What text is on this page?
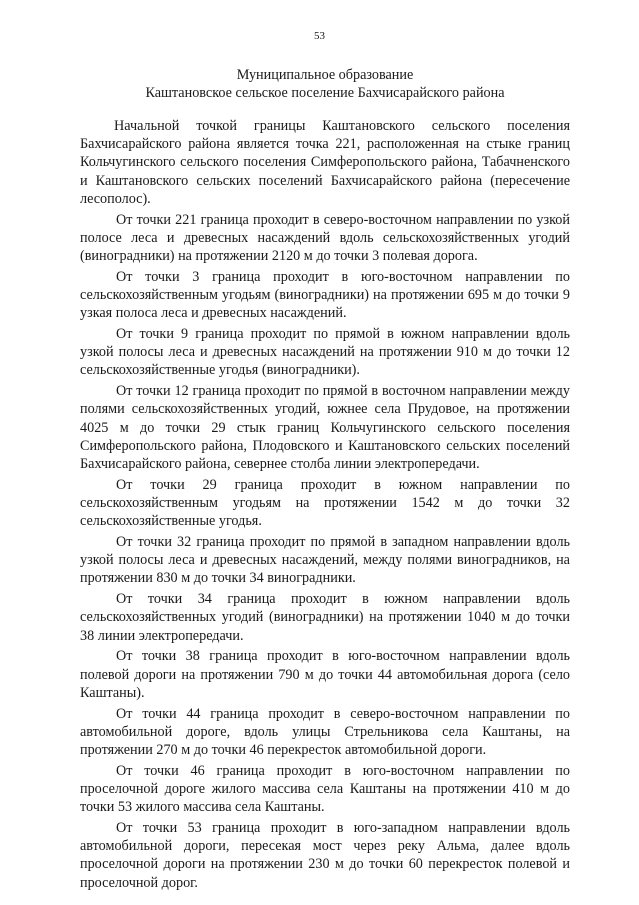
53
Муниципальное образование
Каштановское сельское поселение Бахчисарайского района

Начальной точкой границы Каштановского сельского поселения Бахчисарайского района является точка 221, расположенная на стыке границ Кольчугинского сельского поселения Симферопольского района, Табачненского и Каштановского сельских поселений Бахчисарайского района (пересечение лесополос).

От точки 221 граница проходит в северо-восточном направлении по узкой полосе леса и древесных насаждений вдоль сельскохозяйственных угодий (виноградники) на протяжении 2120 м до точки 3 полевая дорога.

От точки 3 граница проходит в юго-восточном направлении по сельскохозяйственным угодьям (виноградники) на протяжении 695 м до точки 9 узкая полоса леса и древесных насаждений.

От точки 9 граница проходит по прямой в южном направлении вдоль узкой полосы леса и древесных насаждений на протяжении 910 м до точки 12 сельскохозяйственные угодья (виноградники).

От точки 12 граница проходит по прямой в восточном направлении между полями сельскохозяйственных угодий, южнее села Прудовое, на протяжении 4025 м до точки 29 стык границ Кольчугинского сельского поселения Симферопольского района, Плодовского и Каштановского сельских поселений Бахчисарайского района, севернее столба линии электропередачи.

От точки 29 граница проходит в южном направлении по сельскохозяйственным угодьям на протяжении 1542 м до точки 32 сельскохозяйственные угодья.

От точки 32 граница проходит по прямой в западном направлении вдоль узкой полосы леса и древесных насаждений, между полями виноградников, на протяжении 830 м до точки 34 виноградники.

От точки 34 граница проходит в южном направлении вдоль сельскохозяйственных угодий (виноградники) на протяжении 1040 м до точки 38 линии электропередачи.

От точки 38 граница проходит в юго-восточном направлении вдоль полевой дороги на протяжении 790 м до точки 44 автомобильная дорога (село Каштаны).

От точки 44 граница проходит в северо-восточном направлении по автомобильной дороге, вдоль улицы Стрельникова села Каштаны, на протяжении 270 м до точки 46 перекресток автомобильной дороги.

От точки 46 граница проходит в юго-восточном направлении по проселочной дороге жилого массива села Каштаны на протяжении 410 м до точки 53 жилого массива села Каштаны.

От точки 53 граница проходит в юго-западном направлении вдоль автомобильной дороги, пересекая мост через реку Альма, далее вдоль проселочной дороги на протяжении 230 м до точки 60 перекресток полевой и проселочной дорог.
